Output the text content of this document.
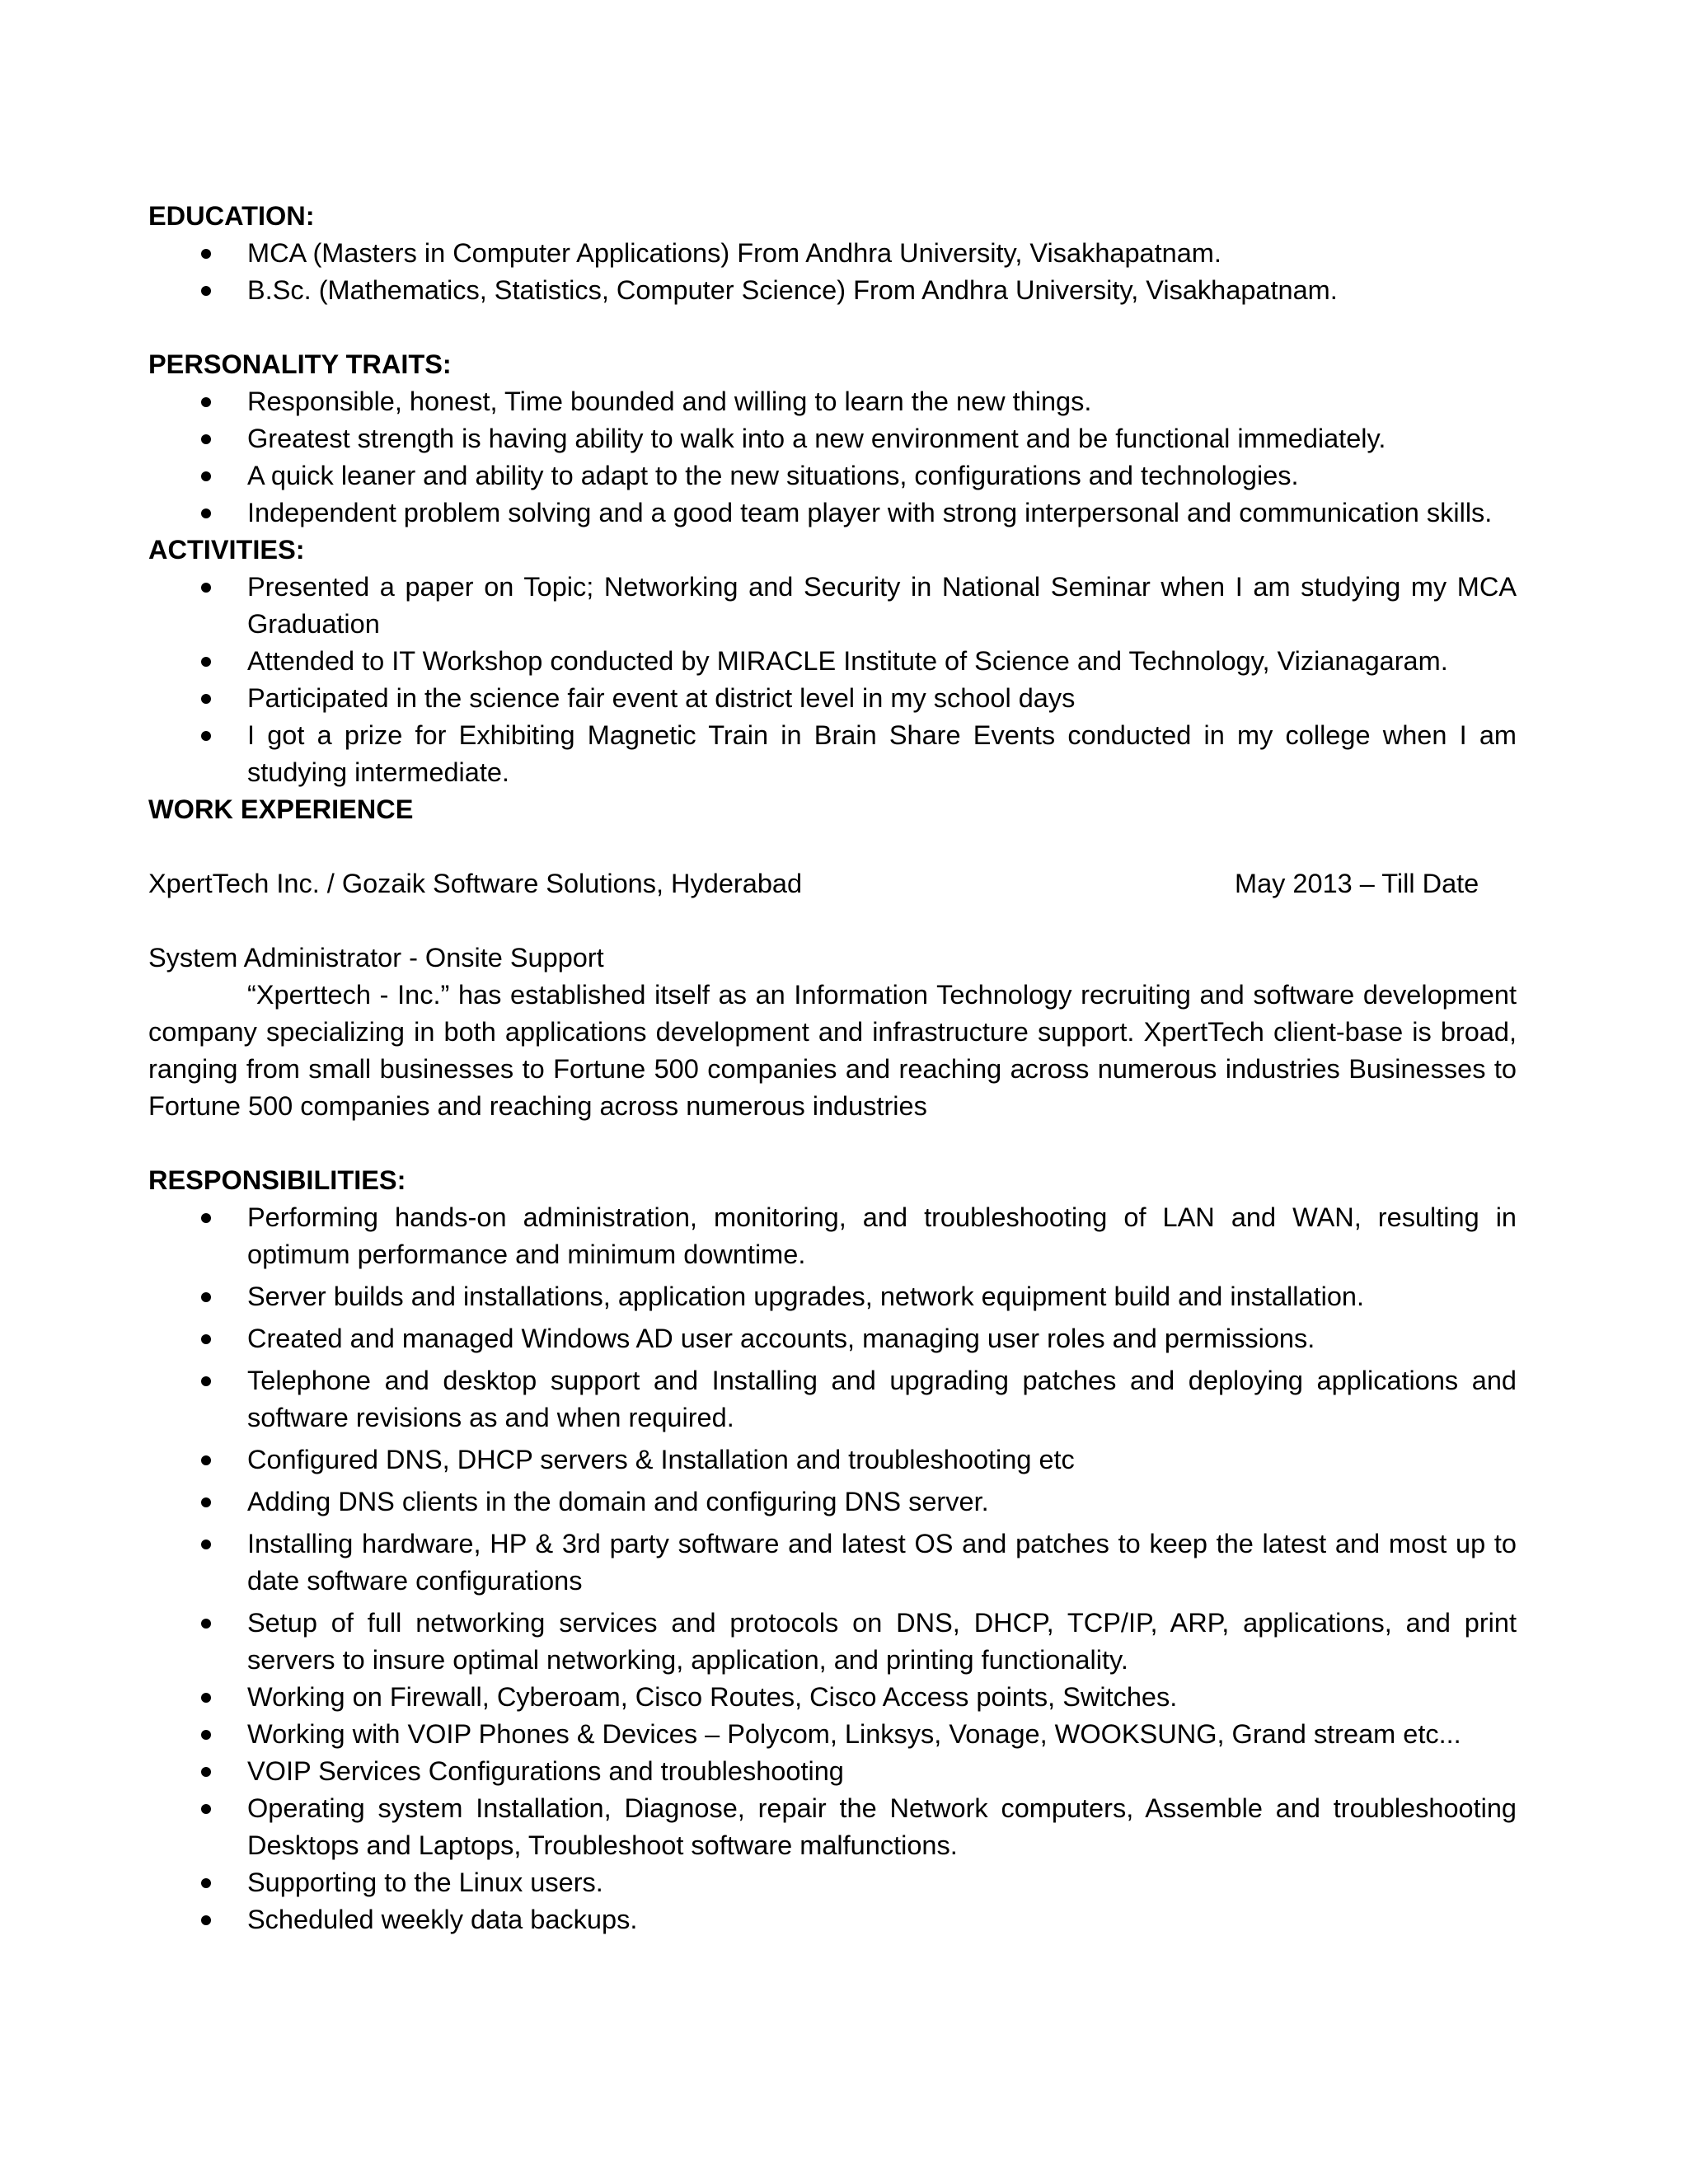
EDUCATION:
MCA (Masters in Computer Applications) From Andhra University, Visakhapatnam.
B.Sc. (Mathematics, Statistics, Computer Science) From Andhra University, Visakhapatnam.
PERSONALITY TRAITS:
Responsible, honest, Time bounded and willing to learn the new things.
Greatest strength is having ability to walk into a new environment and be functional immediately.
A quick leaner and ability to adapt to the new situations, configurations and technologies.
Independent problem solving and a good team player with strong interpersonal and communication skills.
ACTIVITIES:
Presented a paper on Topic; Networking and Security in National Seminar when I am studying my MCA Graduation
Attended to IT Workshop conducted by MIRACLE Institute of Science and Technology, Vizianagaram.
Participated in the science fair event at district level in my school days
I got a prize for Exhibiting Magnetic Train in Brain Share Events conducted in my college when I am studying intermediate.
WORK EXPERIENCE
XpertTech Inc. / Gozaik Software Solutions, Hyderabad	May 2013 – Till Date
System Administrator - Onsite Support

“Xperttech - Inc.” has established itself as an Information Technology recruiting and software development company specializing in both applications development and infrastructure support. XpertTech client-base is broad, ranging from small businesses to Fortune 500 companies and reaching across numerous industries Businesses to Fortune 500 companies and reaching across numerous industries

RESPONSIBILITIES:
Performing hands-on administration, monitoring, and troubleshooting of LAN and WAN, resulting in optimum performance and minimum downtime.
Server builds and installations, application upgrades, network equipment build and installation.
Created and managed Windows AD user accounts, managing user roles and permissions.
Telephone and desktop support and Installing and upgrading patches and deploying applications and software revisions as and when required.
Configured DNS, DHCP servers & Installation and troubleshooting etc
Adding DNS clients in the domain and configuring DNS server.
Installing hardware, HP & 3rd party software and latest OS and patches to keep the latest and most up to date software configurations
Setup of full networking services and protocols on DNS, DHCP, TCP/IP, ARP, applications, and print servers to insure optimal networking, application, and printing functionality.
Working on Firewall, Cyberoam, Cisco Routes, Cisco Access points, Switches.
Working with VOIP Phones & Devices – Polycom, Linksys, Vonage, WOOKSUNG, Grand stream etc...
VOIP Services Configurations and troubleshooting
Operating system Installation, Diagnose, repair the Network computers, Assemble and troubleshooting Desktops and Laptops, Troubleshoot software malfunctions.
Supporting to the Linux users.
Scheduled weekly data backups.
